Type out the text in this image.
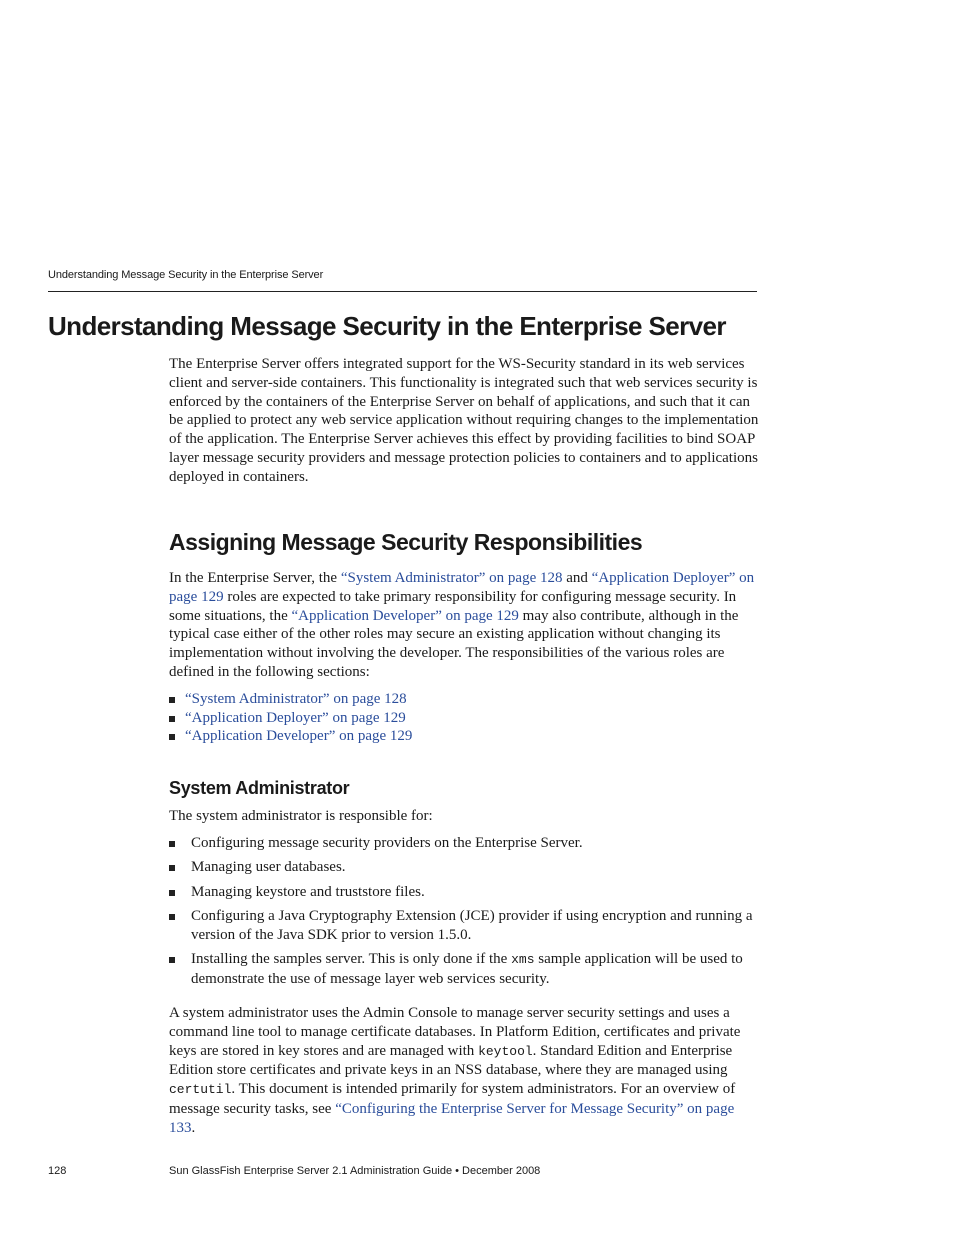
Understanding Message Security in the Enterprise Server
Understanding Message Security in the Enterprise Server

The Enterprise Server offers integrated support for the WS-Security standard in its web services client and server-side containers. This functionality is integrated such that web services security is enforced by the containers of the Enterprise Server on behalf of applications, and such that it can be applied to protect any web service application without requiring changes to the implementation of the application. The Enterprise Server achieves this effect by providing facilities to bind SOAP layer message security providers and message protection policies to containers and to applications deployed in containers.

Assigning Message Security Responsibilities

In the Enterprise Server, the “System Administrator” on page 128 and “Application Deployer” on page 129 roles are expected to take primary responsibility for configuring message security. In some situations, the “Application Developer” on page 129 may also contribute, although in the typical case either of the other roles may secure an existing application without changing its implementation without involving the developer. The responsibilities of the various roles are defined in the following sections:

“System Administrator” on page 128
“Application Deployer” on page 129
“Application Developer” on page 129
System Administrator

The system administrator is responsible for:

Configuring message security providers on the Enterprise Server.
Managing user databases.
Managing keystore and truststore files.
Configuring a Java Cryptography Extension (JCE) provider if using encryption and running a version of the Java SDK prior to version 1.5.0.
Installing the samples server. This is only done if the xms sample application will be used to demonstrate the use of message layer web services security.

A system administrator uses the Admin Console to manage server security settings and uses a command line tool to manage certificate databases. In Platform Edition, certificates and private keys are stored in key stores and are managed with keytool. Standard Edition and Enterprise Edition store certificates and private keys in an NSS database, where they are managed using certutil. This document is intended primarily for system administrators. For an overview of message security tasks, see “Configuring the Enterprise Server for Message Security” on page 133.

128	Sun GlassFish Enterprise Server 2.1 Administration Guide • December 2008
